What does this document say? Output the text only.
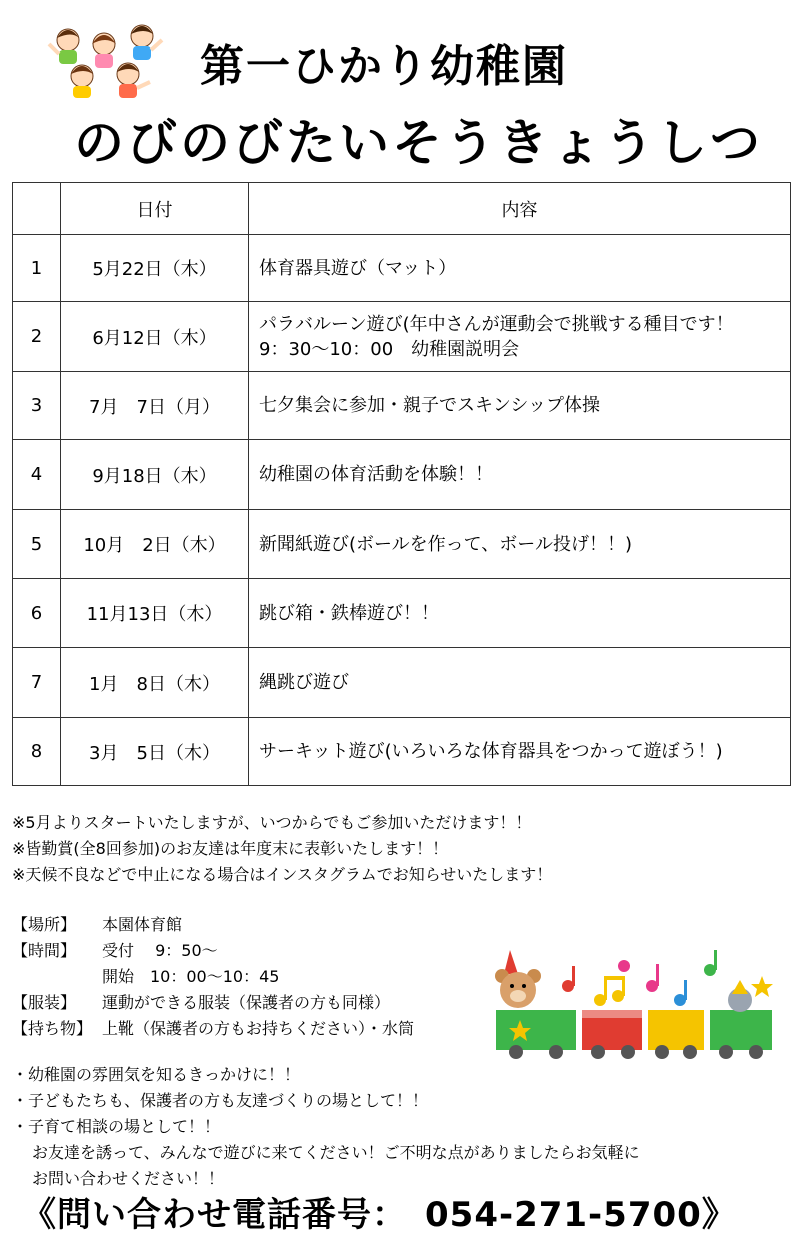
第一ひかり幼稚園
のびのびたいそうきょうしつ
	日付	内容
1	5月22日（木）	体育器具遊び（マット）

2	6月12日（木）	パラバルーン遊び(年中さんが運動会で挑戦する種目です！
9：30〜10：00　幼稚園説明会

3	7月　7日（月）	七夕集会に参加・親子でスキンシップ体操

4	9月18日（木）	幼稚園の体育活動を体験！！

5	10月　2日（木）	新聞紙遊び(ボールを作って、ボール投げ！！)

6	11月13日（木）	跳び箱・鉄棒遊び！！

7	1月　8日（木）	縄跳び遊び

8	3月　5日（木）	サーキット遊び(いろいろな体育器具をつかって遊ぼう！)
※5月よりスタートいたしますが、いつからでもご参加いただけます！！
※皆勤賞(全8回参加)のお友達は年度末に表彰いたします！！
※天候不良などで中止になる場合はインスタグラムでお知らせいたします！
【場所】	本園体育館
【時間】	受付　 9：50〜
開始　10：00〜10：45
【服装】	運動ができる服装（保護者の方も同様）
【持ち物】 上靴（保護者の方もお持ちください）・水筒
・幼稚園の雰囲気を知るきっかけに！！
・子どもたちも、保護者の方も友達づくりの場として！！
・子育て相談の場として！！
お友達を誘って、みんなで遊びに来てください！ご不明な点がありましたらお気軽に
お問い合わせください！！
《問い合わせ電話番号：　054-271-5700》
